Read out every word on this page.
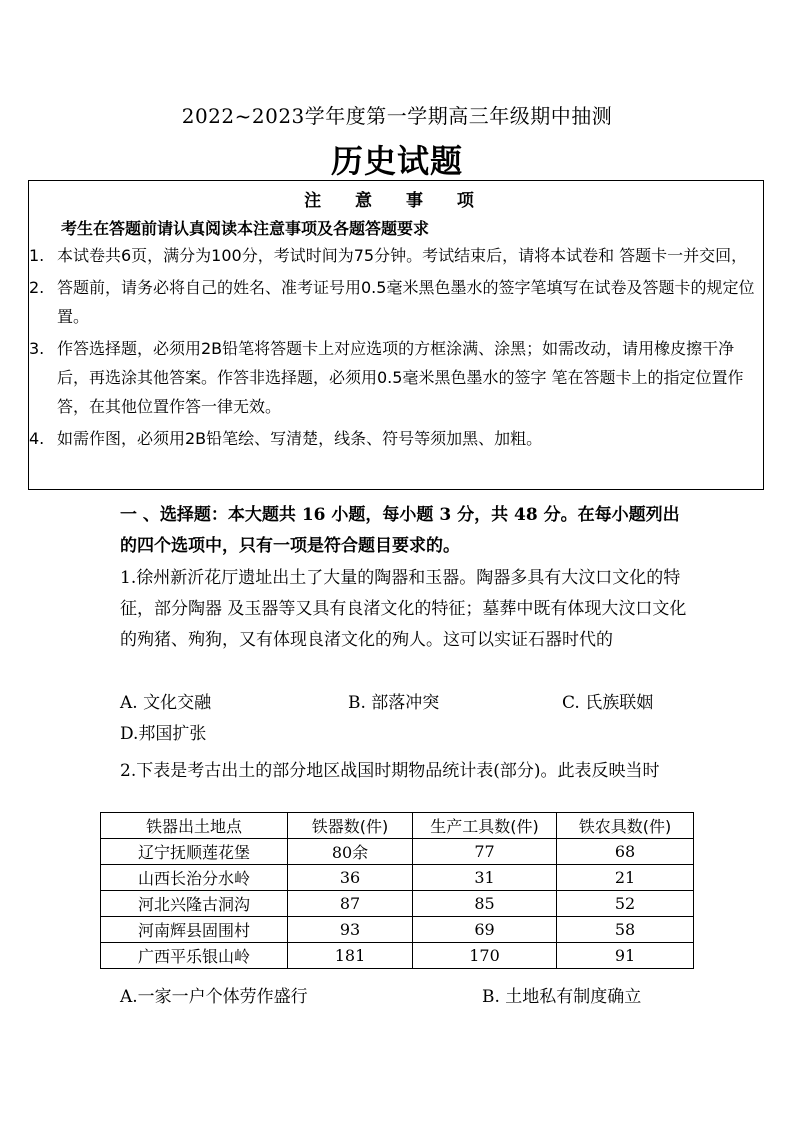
2022~2023学年度第一学期高三年级期中抽测
历史试题
注 意 事 项
考生在答题前请认真阅读本注意事项及各题答题要求
1. 本试卷共6页，满分为100分，考试时间为75分钟。考试结束后，请将本试卷和 答题卡一并交回，
2. 答题前，请务必将自己的姓名、准考证号用0.5毫米黑色墨水的签字笔填写在试卷及答题卡的规定位置。
3. 作答选择题，必须用2B铅笔将答题卡上对应选项的方框涂满、涂黑；如需改动，请用橡皮擦干净后，再选涂其他答案。作答非选择题，必须用0.5毫米黑色墨水的签字 笔在答题卡上的指定位置作答，在其他位置作答一律无效。
4. 如需作图，必须用2B铅笔绘、写清楚，线条、符号等须加黑、加粗。
一 、选择题：本大题共 16 小题，每小题 3 分，共 48 分。在每小题列出的四个选项中，只有一项是符合题目要求的。
1.徐州新沂花厅遗址出土了大量的陶器和玉器。陶器多具有大汶口文化的特征，部分陶器 及玉器等又具有良渚文化的特征；墓葬中既有体现大汶口文化的殉猪、殉狗，又有体现良渚文化的殉人。这可以实证石器时代的
A. 文化交融	B. 部落冲突	C. 氏族联姻
D.邦国扩张
2.下表是考古出土的部分地区战国时期物品统计表(部分)。此表反映当时
铁器出土地点	铁器数(件)	生产工具数(件)	铁农具数(件)
辽宁抚顺莲花堡	80余	77	68
山西长治分水岭	36	31	21
河北兴隆古洞沟	87	85	52
河南辉县固围村	93	69	58
广西平乐银山岭	181	170	91
A.一家一户个体劳作盛行	B. 土地私有制度确立
